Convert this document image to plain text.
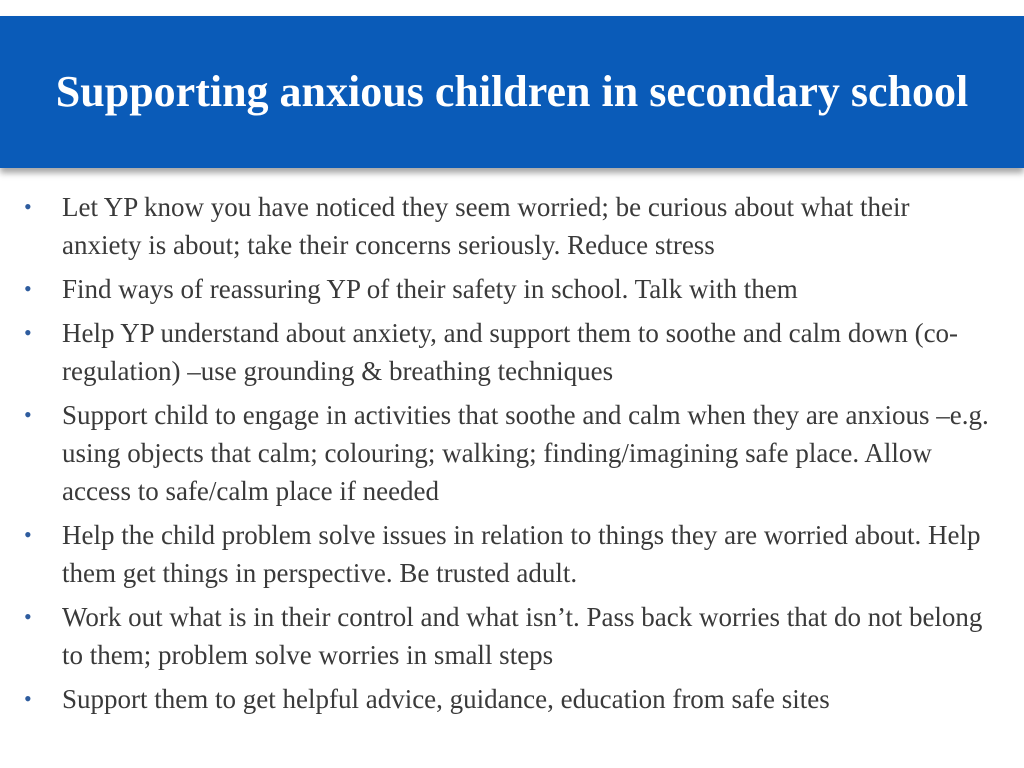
Supporting anxious children in secondary school
•	Let YP know you have noticed they seem worried; be curious about what their anxiety is about; take their concerns seriously. Reduce stress
•	Find ways of reassuring YP of their safety in school. Talk with them
•	Help YP understand about anxiety, and support them to soothe and calm down (co-regulation) –use grounding & breathing techniques
•	Support child to engage in activities that soothe and calm when they are anxious –e.g. using objects that calm; colouring; walking; finding/imagining safe place. Allow access to safe/calm place if needed
•	Help the child problem solve issues in relation to things they are worried about. Help them get things in perspective. Be trusted adult.
•	Work out what is in their control and what isn’t. Pass back worries that do not belong to them; problem solve worries in small steps
•	Support them to get helpful advice, guidance, education from safe sites
